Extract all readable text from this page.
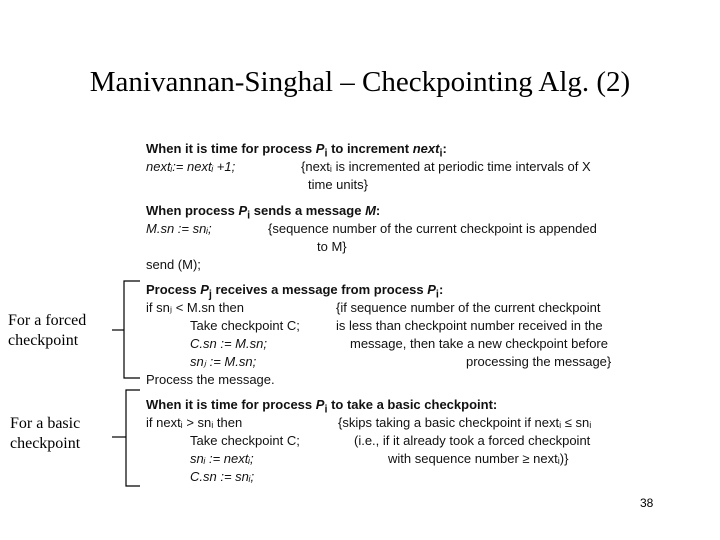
Manivannan-Singhal – Checkpointing Alg. (2)
When it is time for process $P_i$ to increment next$_i$:
nextᵢ:= nextᵢ +1;	{nextᵢ is incremented at periodic time intervals of X
time units}
When process $P_i$ sends a message M:
M.sn := snᵢ;	{sequence number of the current checkpoint is appended
to M}
send (M);
Process $P_j$ receives a message from process $P_i$:
if snⱼ < M.sn then
Take checkpoint C;
C.sn := M.sn;
snⱼ := M.sn;
Process the message.
{if sequence number of the current checkpoint
is less than checkpoint number received in the
message, then take a new checkpoint before
processing the message}
When it is time for process $P_i$ to take a basic checkpoint:
if nextᵢ > snᵢ then
Take checkpoint C;
snᵢ := nextᵢ;
C.sn := snᵢ;
{skips taking a basic checkpoint if nextᵢ ≤ snᵢ
(i.e., if it already took a forced checkpoint
with sequence number ≥ nextᵢ)}
For a forced
checkpoint
For a basic
checkpoint
38
